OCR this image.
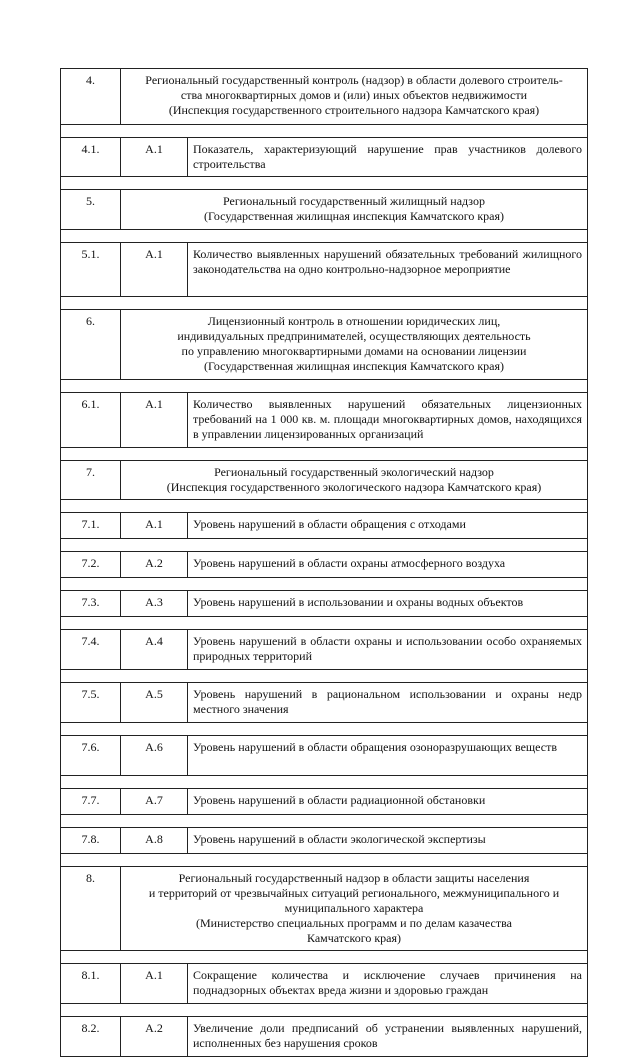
4.	Региональный государственный контроль (надзор) в области долевого строитель-
ства многоквартирных домов и (или) иных объектов недвижимости
(Инспекция государственного строительного надзора Камчатского края)	

4.1.	А.1	Показатель, характеризующий нарушение прав участников долевого строительства

5.	Региональный государственный жилищный надзор
(Государственная жилищная инспекция Камчатского края)	

5.1.	А.1	Количество выявленных нарушений обязательных требований жилищного законодательства на одно контрольно-надзорное мероприятие

6.	Лицензионный контроль в отношении юридических лиц,
индивидуальных предпринимателей, осуществляющих деятельность
по управлению многоквартирными домами на основании лицензии
(Государственная жилищная инспекция Камчатского края)	

6.1.	А.1	Количество выявленных нарушений обязательных лицензионных требований на 1 000 кв. м. площади многоквартирных домов, находящихся в управлении лицензированных организаций

7.	Региональный государственный экологический надзор
(Инспекция государственного экологического надзора Камчатского края)	

7.1.	А.1	Уровень нарушений в области обращения с отходами

7.2.	А.2	Уровень нарушений в области охраны атмосферного воздуха

7.3.	А.3	Уровень нарушений в использовании и охраны водных объектов

7.4.	А.4	Уровень нарушений в области охраны и использовании особо охраняемых природных территорий

7.5.	А.5	Уровень нарушений в рациональном использовании и охраны недр местного значения

7.6.	А.6	Уровень нарушений в области обращения озоноразрушающих веществ

7.7.	А.7	Уровень нарушений в области радиационной обстановки

7.8.	А.8	Уровень нарушений в области экологической экспертизы

8.	Региональный государственный надзор в области защиты населения
и территорий от чрезвычайных ситуаций регионального, межмуниципального и
муниципального характера
(Министерство специальных программ и по делам казачества
Камчатского края)	

8.1.	А.1	Сокращение количества и исключение случаев причинения на поднадзорных объектах вреда жизни и здоровью граждан

8.2.	А.2	Увеличение доли предписаний об устранении выявленных нарушений, исполненных без нарушения сроков
